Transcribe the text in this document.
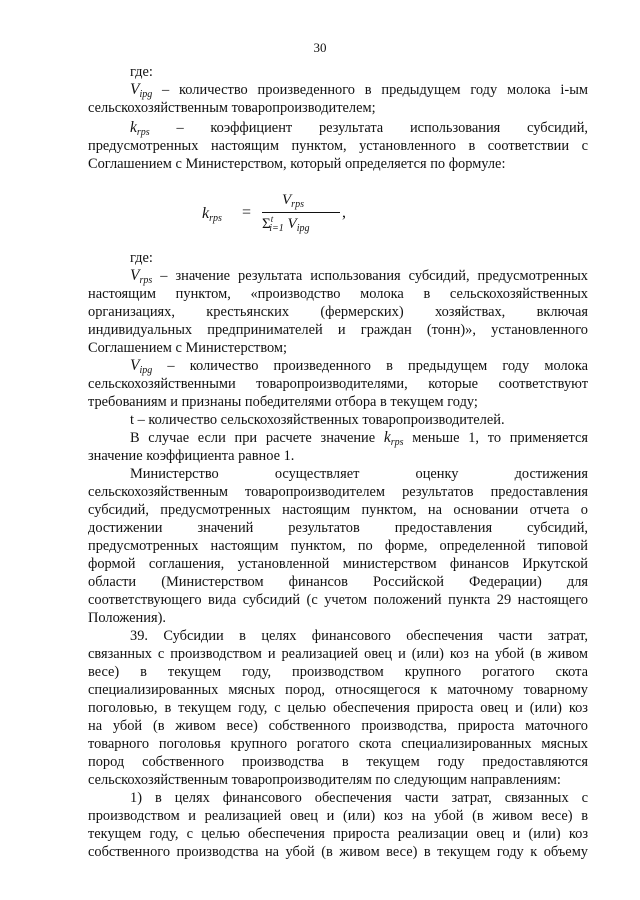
30
где:
$V_{ipg}$ – количество произведенного в предыдущем году молока i-ым
сельскохозяйственным товаропроизводителем;
$k_{rps}$ – коэффициент результата использования субсидий,
предусмотренных настоящим пунктом, установленного в соответствии с
Соглашением с Министерством, который определяется по формуле:
где:
$V_{rps}$ – значение результата использования субсидий, предусмотренных
настоящим пунктом, «производство молока в сельскохозяйственных
организациях, крестьянских (фермерских) хозяйствах, включая
индивидуальных предпринимателей и граждан (тонн)», установленного
Соглашением с Министерством;
$V_{ipg}$ – количество произведенного в предыдущем году молока
сельскохозяйственными товаропроизводителями, которые соответствуют
требованиям и признаны победителями отбора в текущем году;
t – количество сельскохозяйственных товаропроизводителей.
В случае если при расчете значение $k_{rps}$ меньше 1, то применяется
значение коэффициента равное 1.
Министерство осуществляет оценку достижения
сельскохозяйственным товаропроизводителем результатов предоставления
субсидий, предусмотренных настоящим пунктом, на основании отчета о
достижении значений результатов предоставления субсидий,
предусмотренных настоящим пунктом, по форме, определенной типовой
формой соглашения, установленной министерством финансов Иркутской
области (Министерством финансов Российской Федерации) для
соответствующего вида субсидий (с учетом положений пункта 29 настоящего
Положения).
39. Субсидии в целях финансового обеспечения части затрат,
связанных с производством и реализацией овец и (или) коз на убой (в живом
весе) в текущем году, производством крупного рогатого скота
специализированных мясных пород, относящегося к маточному товарному
поголовью, в текущем году, с целью обеспечения прироста овец и (или) коз
на убой (в живом весе) собственного производства, прироста маточного
товарного поголовья крупного рогатого скота специализированных мясных
пород собственного производства в текущем году предоставляются
сельскохозяйственным товаропроизводителям по следующим направлениям:
1) в целях финансового обеспечения части затрат, связанных с
производством и реализацией овец и (или) коз на убой (в живом весе) в
текущем году, с целью обеспечения прироста реализации овец и (или) коз
собственного производства на убой (в живом весе) в текущем году к объему
$k_{rps}$ =
$V_{rps}$
$\Sigma^t_{i=1}$ $V_{ipg}$
,
